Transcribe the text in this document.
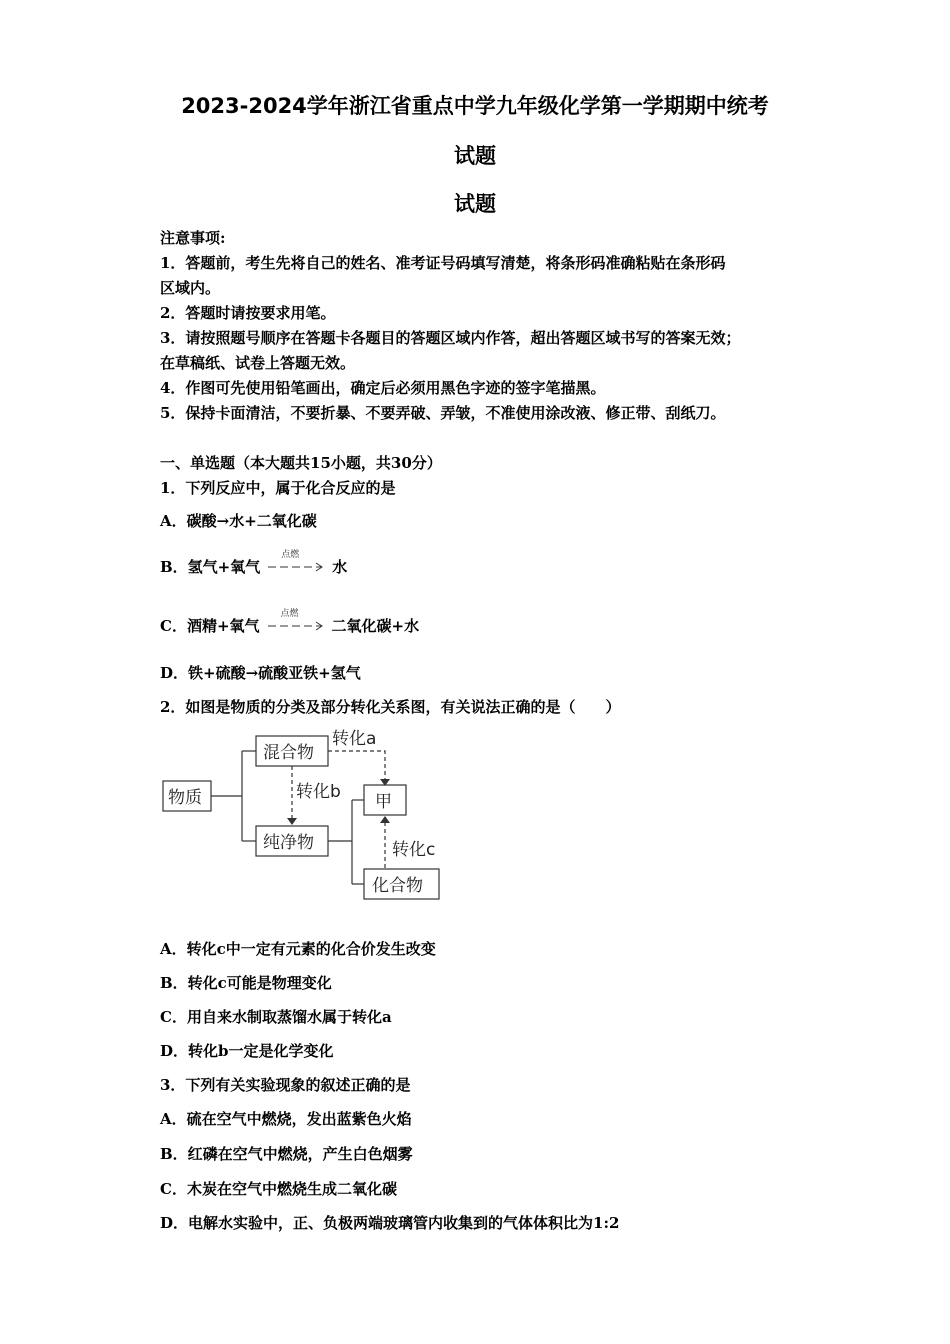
2023-2024学年浙江省重点中学九年级化学第一学期期中统考
试题
试题
注意事项:
1．答题前，考生先将自己的姓名、准考证号码填写清楚，将条形码准确粘贴在条形码
区域内。
2．答题时请按要求用笔。
3．请按照题号顺序在答题卡各题目的答题区域内作答，超出答题区域书写的答案无效；
在草稿纸、试卷上答题无效。
4．作图可先使用铅笔画出，确定后必须用黑色字迹的签字笔描黑。
5．保持卡面清洁，不要折暴、不要弄破、弄皱，不准使用涂改液、修正带、刮纸刀。
一、单选题（本大题共15小题，共30分）
1．下列反应中，属于化合反应的是
A．碳酸→水+二氧化碳
B．氢气+氧气
点燃
水
C．酒精+氧气
点燃
二氧化碳+水
D．铁+硫酸→硫酸亚铁+氢气
2．如图是物质的分类及部分转化关系图，有关说法正确的是（　　）
物质
混合物
纯净物
甲
化合物
转化a
转化b
转化c
A．转化c中一定有元素的化合价发生改变
B．转化c可能是物理变化
C．用自来水制取蒸馏水属于转化a
D．转化b一定是化学变化
3．下列有关实验现象的叙述正确的是
A．硫在空气中燃烧，发出蓝紫色火焰
B．红磷在空气中燃烧，产生白色烟雾
C．木炭在空气中燃烧生成二氧化碳
D．电解水实验中，正、负极两端玻璃管内收集到的气体体积比为1:2
